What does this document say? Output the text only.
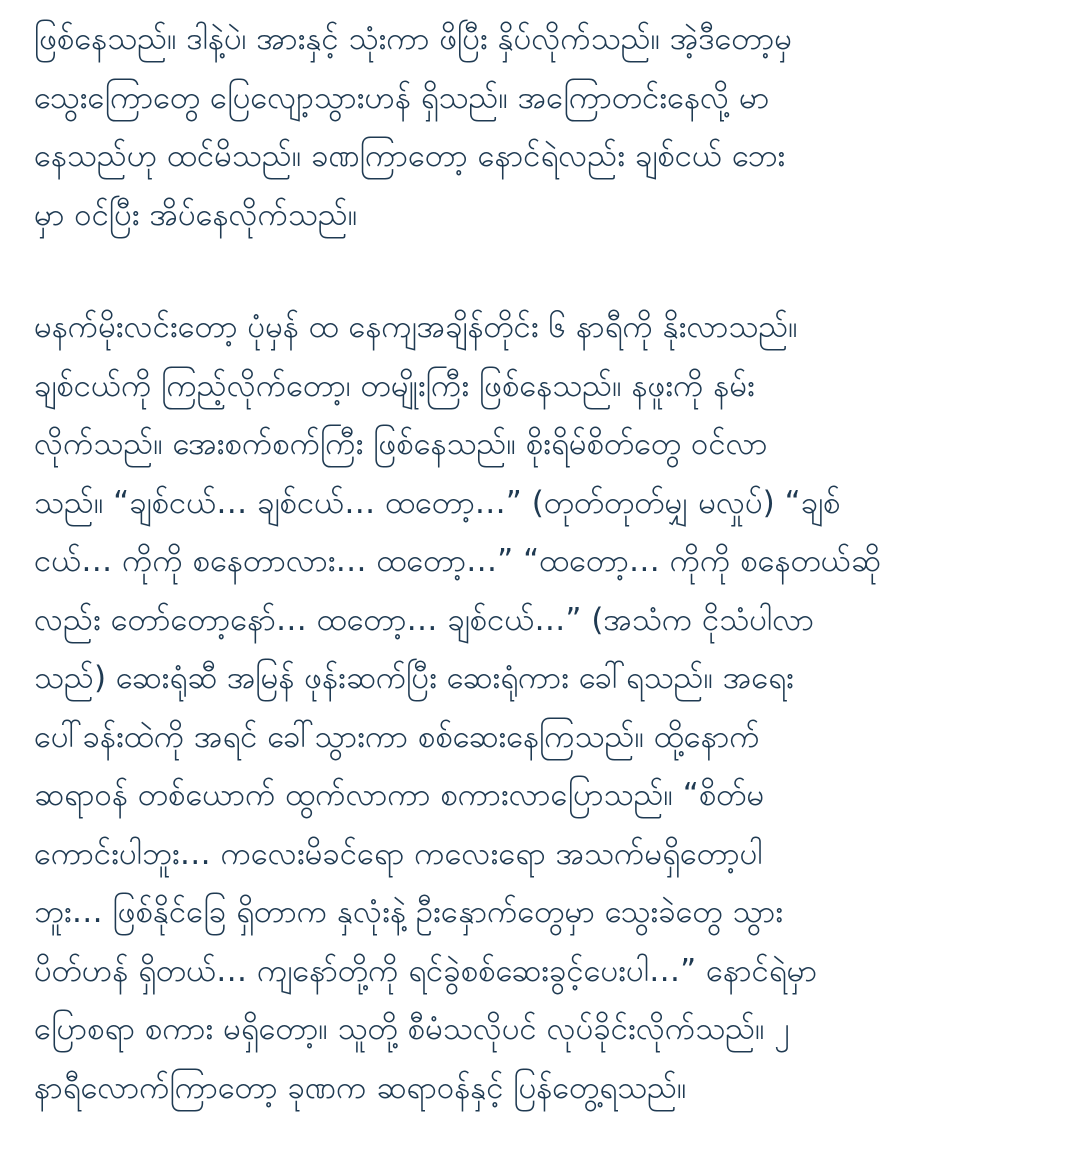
ဖြစ်နေသည်။ ဒါနဲ့ပဲ၊ အားနှင့် သုံးကာ ဖိပြီး နှိပ်လိုက်သည်။ အဲ့ဒီတော့မှ
သွေးကြောတွေ ပြေလျော့သွားဟန် ရှိသည်။ အကြောတင်းနေလို့ မာ
နေသည်ဟု ထင်မိသည်။ ခဏကြာတော့ နောင်ရဲလည်း ချစ်ငယ် ဘေး
မှာ ဝင်ပြီး အိပ်နေလိုက်သည်။

မနက်မိုးလင်းတော့ ပုံမှန် ထ နေကျအချိန်တိုင်း ၆ နာရီကို နိုးလာသည်။
ချစ်ငယ်ကို ကြည့်လိုက်တော့၊ တမျိုးကြီး ဖြစ်နေသည်။ နဖူးကို နမ်း
လိုက်သည်။ အေးစက်စက်ကြီး ဖြစ်နေသည်။ စိုးရိမ်စိတ်တွေ ဝင်လာ
သည်။ “ချစ်ငယ်… ချစ်ငယ်… ထတော့…” (တုတ်တုတ်မျှ မလှုပ်) “ချစ်
ငယ်… ကိုကို စနေတာလား… ထတော့…” “ထတော့… ကိုကို စနေတယ်ဆို
လည်း တော်တော့နော်… ထတော့… ချစ်ငယ်…” (အသံက ငိုသံပါလာ
သည်) ဆေးရုံဆီ အမြန် ဖုန်းဆက်ပြီး ဆေးရုံကား ခေါ်ရသည်။ အရေး
ပေါ်ခန်းထဲကို အရင် ခေါ်သွားကာ စစ်ဆေးနေကြသည်။ ထို့နောက်
ဆရာဝန် တစ်ယောက် ထွက်လာကာ စကားလာပြောသည်။ “စိတ်မ
ကောင်းပါဘူး… ကလေးမိခင်ရော ကလေးရော အသက်မရှိတော့ပါ
ဘူး… ဖြစ်နိုင်ခြေ ရှိတာက နှလုံးနဲ့ ဦးနှောက်တွေမှာ သွေးခဲတွေ သွား
ပိတ်ဟန် ရှိတယ်… ကျနော်တို့ကို ရင်ခွဲစစ်ဆေးခွင့်ပေးပါ…” နောင်ရဲမှာ
ပြောစရာ စကား မရှိတော့။ သူတို့ စီမံသလိုပင် လုပ်ခိုင်းလိုက်သည်။ ၂
နာရီလောက်ကြာတော့ ခုဏက ဆရာဝန်နှင့် ပြန်တွေ့ရသည်။
